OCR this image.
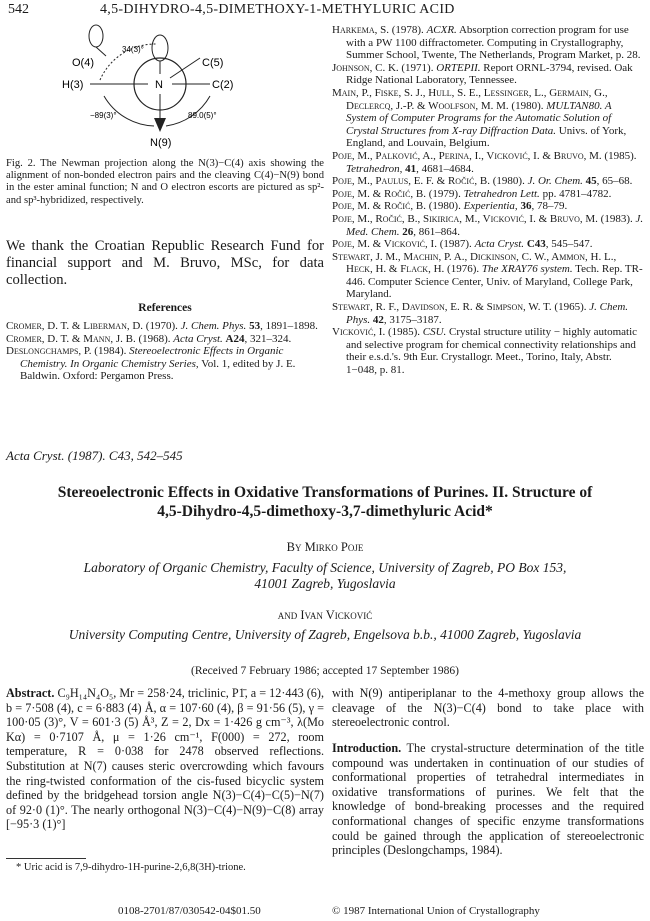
542	4,5-DIHYDRO-4,5-DIMETHOXY-1-METHYLURIC ACID
O(4)
34(3)°
C(5)
H(3)	N	C(2)
−89(3)°	89.0(5)°
N(9)
Fig. 2. The Newman projection along the N(3)−C(4) axis showing the alignment of non-bonded electron pairs and the cleaving C(4)−N(9) bond in the ester aminal function; N and O electron escorts are pictured as sp²- and sp³-hybridized, respectively.
We thank the Croatian Republic Research Fund for financial support and M. Bruvo, MSc, for data collection.
References

Cromer, D. T. & Liberman, D. (1970). J. Chem. Phys. 53, 1891–1898.

Cromer, D. T. & Mann, J. B. (1968). Acta Cryst. A24, 321–324.

Deslongchamps, P. (1984). Stereoelectronic Effects in Organic Chemistry. In Organic Chemistry Series, Vol. 1, edited by J. E. Baldwin. Oxford: Pergamon Press.

Harkema, S. (1978). ACXR. Absorption correction program for use with a PW 1100 diffractometer. Computing in Crystallography, Summer School, Twente, The Netherlands, Program Market, p. 28.

Johnson, C. K. (1971). ORTEPII. Report ORNL-3794, revised. Oak Ridge National Laboratory, Tennessee.

Main, P., Fiske, S. J., Hull, S. E., Lessinger, L., Germain, G., Declercq, J.-P. & Woolfson, M. M. (1980). MULTAN80. A System of Computer Programs for the Automatic Solution of Crystal Structures from X-ray Diffraction Data. Univs. of York, England, and Louvain, Belgium.

Poje, M., Palković, A., Perina, I., Vicković, I. & Bruvo, M. (1985). Tetrahedron, 41, 4681–4684.

Poje, M., Paulus, E. F. & Ročić, B. (1980). J. Or. Chem. 45, 65–68.

Poje, M. & Ročić, B. (1979). Tetrahedron Lett. pp. 4781–4782.

Poje, M. & Ročić, B. (1980). Experientia, 36, 78–79.

Poje, M., Ročić, B., Sikirica, M., Vicković, I. & Bruvo, M. (1983). J. Med. Chem. 26, 861–864.

Poje, M. & Vicković, I. (1987). Acta Cryst. C43, 545–547.

Stewart, J. M., Machin, P. A., Dickinson, C. W., Ammon, H. L., Heck, H. & Flack, H. (1976). The XRAY76 system. Tech. Rep. TR-446. Computer Science Center, Univ. of Maryland, College Park, Maryland.

Stewart, R. F., Davidson, E. R. & Simpson, W. T. (1965). J. Chem. Phys. 42, 3175–3187.

Vicković, I. (1985). CSU. Crystal structure utility − highly automatic and selective program for chemical connectivity relationships and their e.s.d.'s. 9th Eur. Crystallogr. Meet., Torino, Italy, Abstr. 1−048, p. 81.

Acta Cryst. (1987). C43, 542–545
Stereoelectronic Effects in Oxidative Transformations of Purines. II. Structure of
4,5-Dihydro-4,5-dimethoxy-3,7-dimethyluric Acid*
By Mirko Poje
Laboratory of Organic Chemistry, Faculty of Science, University of Zagreb, PO Box 153,
41001 Zagreb, Yugoslavia
and Ivan Vicković
University Computing Centre, University of Zagreb, Engelsova b.b., 41000 Zagreb, Yugoslavia
(Received 7 February 1986; accepted 17 September 1986)
Abstract. C₉H₁₄N₄O₅, Mr = 258·24, triclinic, P1̄, a = 12·443 (6), b = 7·508 (4), c = 6·883 (4) Å, α = 107·60 (4), β = 91·56 (5), γ = 100·05 (3)°, V = 601·3 (5) Å³, Z = 2, Dx = 1·426 g cm⁻³, λ(Mo Kα) = 0·7107 Å, μ = 1·26 cm⁻¹, F(000) = 272, room temperature, R = 0·038 for 2478 observed reflections. Substitution at N(7) causes steric overcrowding which favours the ring-twisted conformation of the cis-fused bicyclic system defined by the bridgehead torsion angle N(3)−C(4)−C(5)−N(7) of 92·0 (1)°. The nearly orthogonal N(3)−C(4)−N(9)−C(8) array [−95·3 (1)°]
with N(9) antiperiplanar to the 4-methoxy group allows the cleavage of the N(3)−C(4) bond to take place with stereoelectronic control.
Introduction. The crystal-structure determination of the title compound was undertaken in continuation of our studies of conformational properties of tetrahedral intermediates in oxidative transformations of purines. We felt that the knowledge of bond-breaking processes and the required conformational changes of specific enzyme transformations could be gained through the application of stereoelectronic principles (Deslongchamps, 1984).
* Uric acid is 7,9-dihydro-1H-purine-2,6,8(3H)-trione.
0108-2701/87/030542-04$01.50	© 1987 International Union of Crystallography
